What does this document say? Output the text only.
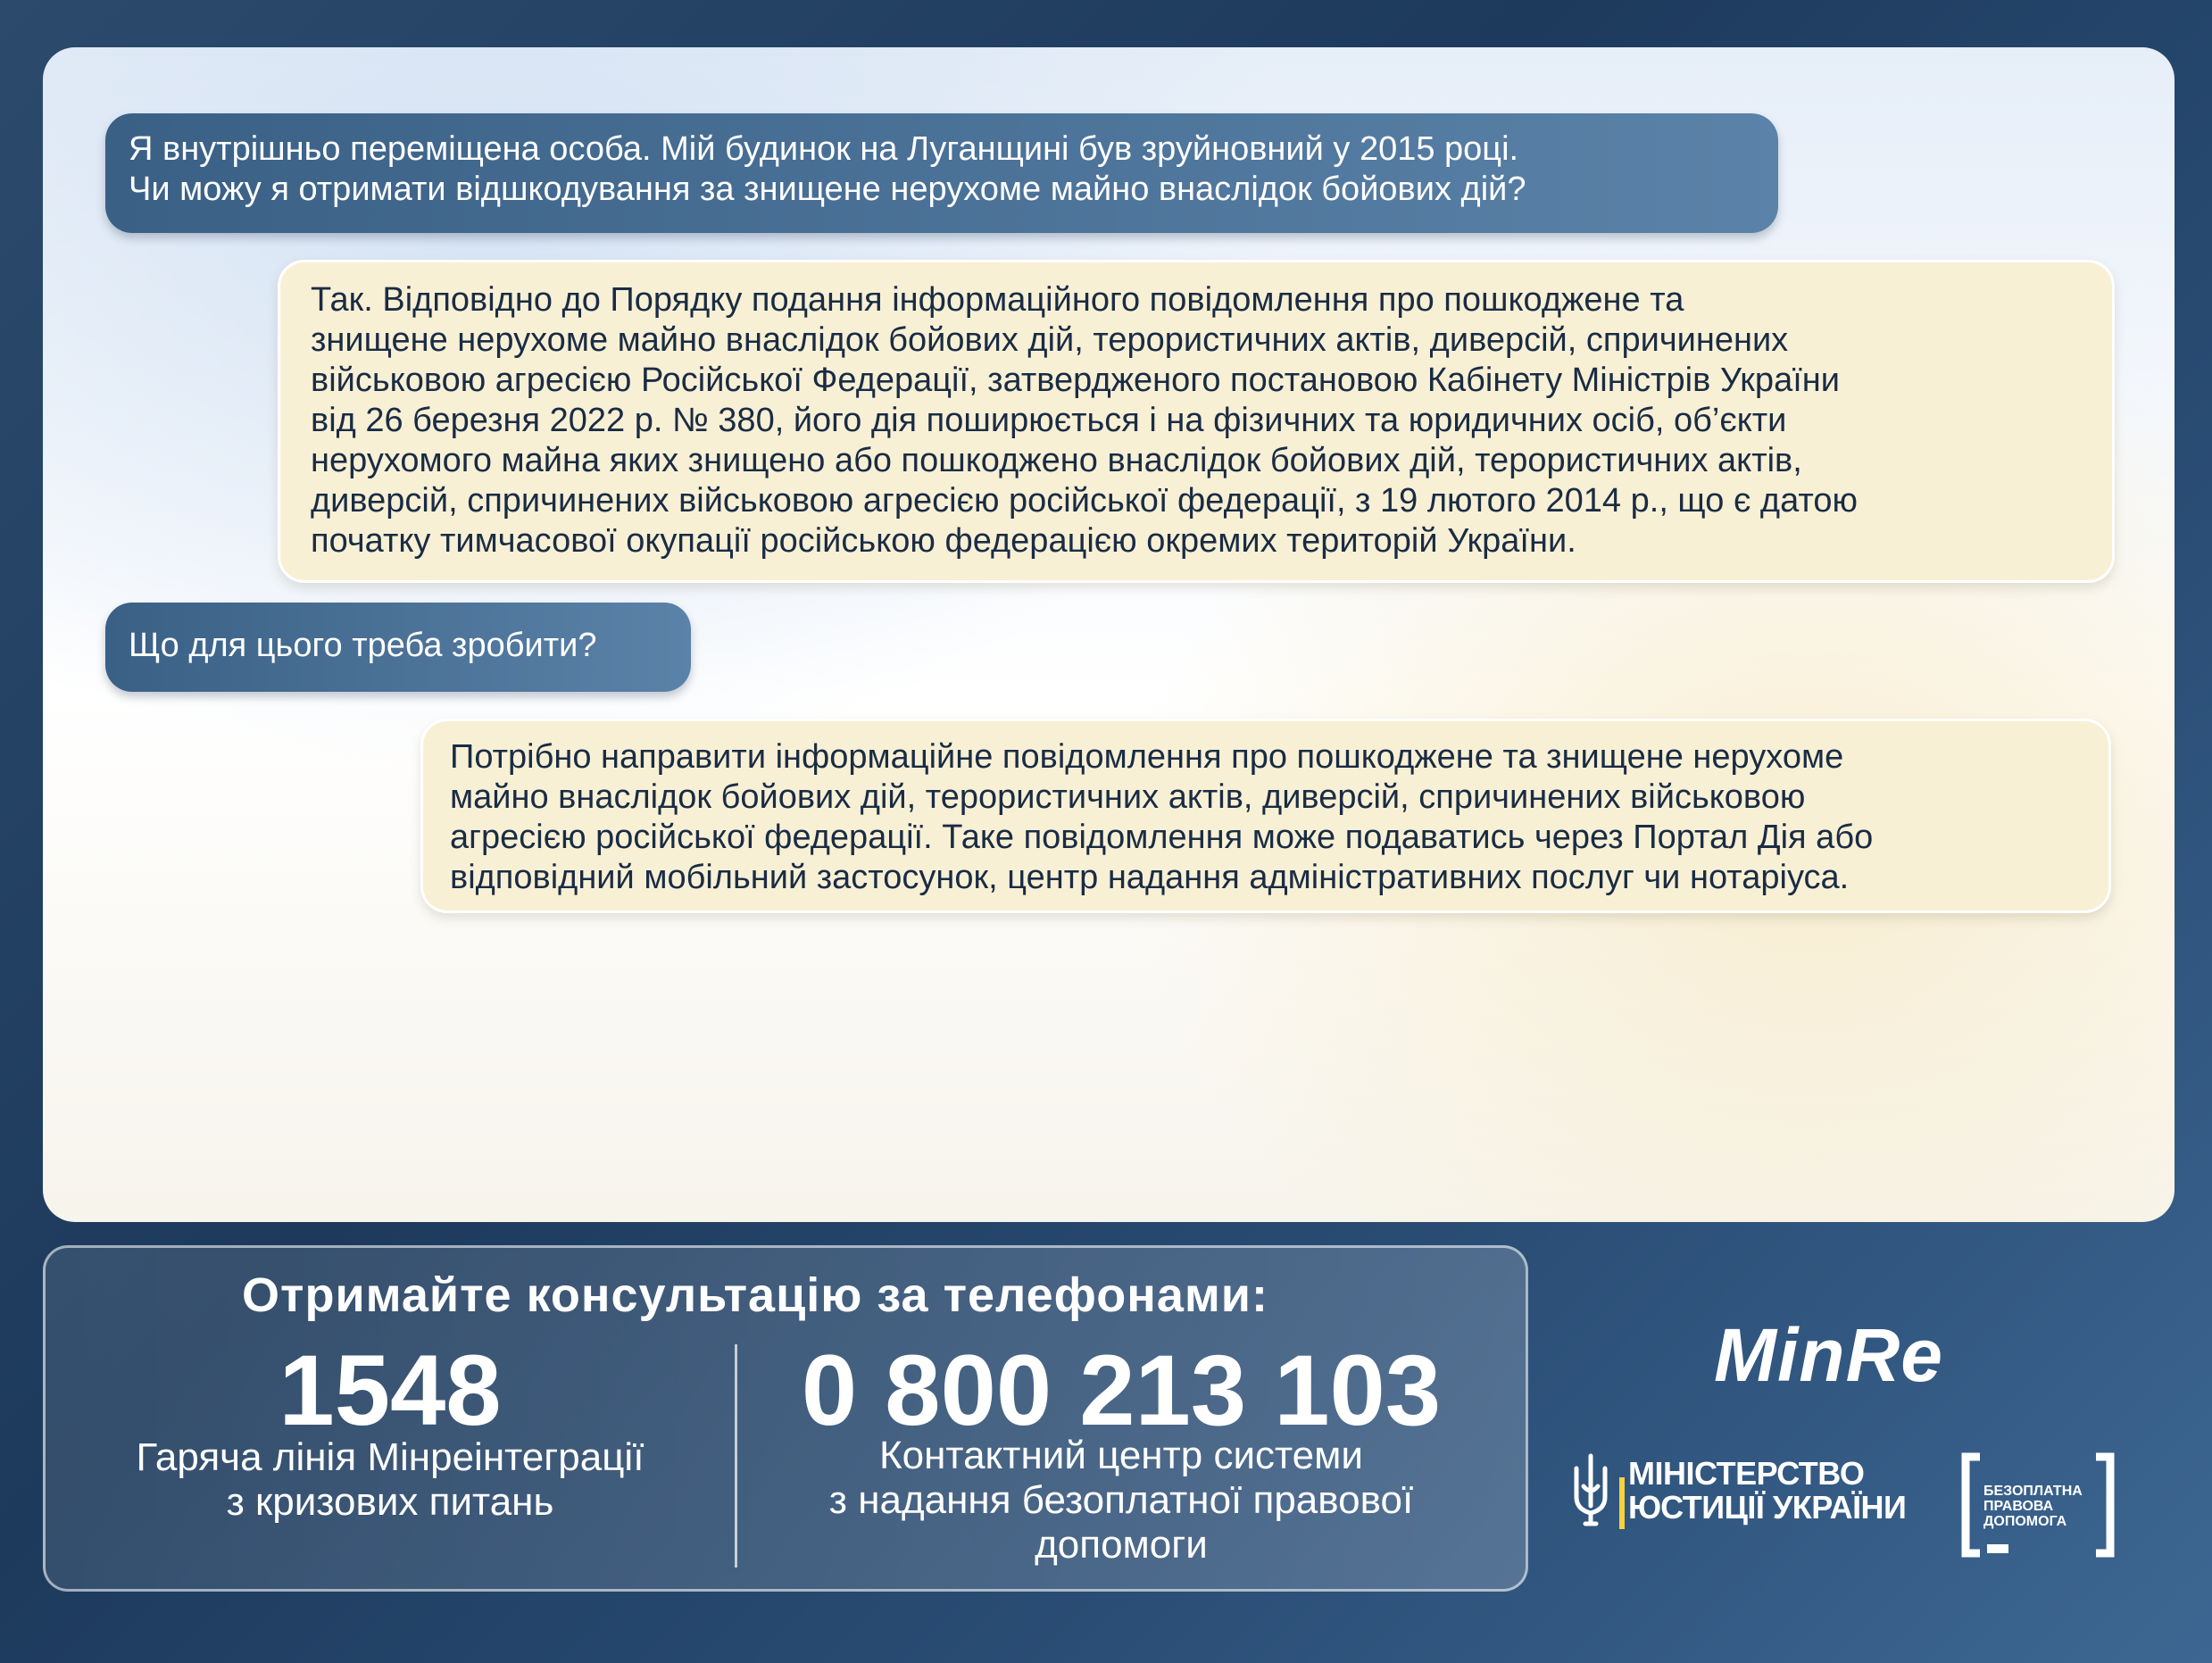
Я внутрішньо переміщена особа. Мій будинок на Луганщині був зруйновний у 2015 році.
Чи можу я отримати відшкодування за знищене нерухоме майно внаслідок бойових дій?
Так. Відповідно до Порядку подання інформаційного повідомлення про пошкоджене та
знищене нерухоме майно внаслідок бойових дій, терористичних актів, диверсій, спричинених
військовою агресією Російської Федерації, затвердженого постановою Кабінету Міністрів України
від 26 березня 2022 р. № 380, його дія поширюється і на фізичних та юридичних осіб, об’єкти
нерухомого майна яких знищено або пошкоджено внаслідок бойових дій, терористичних актів,
диверсій, спричинених військовою агресією російської федерації, з 19 лютого 2014 р., що є датою
початку тимчасової окупації російською федерацією окремих територій України.
Що для цього треба зробити?
Потрібно направити інформаційне повідомлення про пошкоджене та знищене нерухоме
майно внаслідок бойових дій, терористичних актів, диверсій, спричинених військовою
агресією російської федерації. Таке повідомлення може подаватись через Портал Дія або
відповідний мобільний застосунок, центр надання адміністративних послуг чи нотаріуса.
Отримайте консультацію за телефонами:
1548
Гаряча лінія Мінреінтеграції
з кризових питань
0 800 213 103
Контактний центр системи
з надання безоплатної правової
допомоги
MinRe
МІНІСТЕРСТВО
ЮСТИЦІЇ УКРАЇНИ	БЕЗОПЛАТНА
ПРАВОВА
ДОПОМОГА
